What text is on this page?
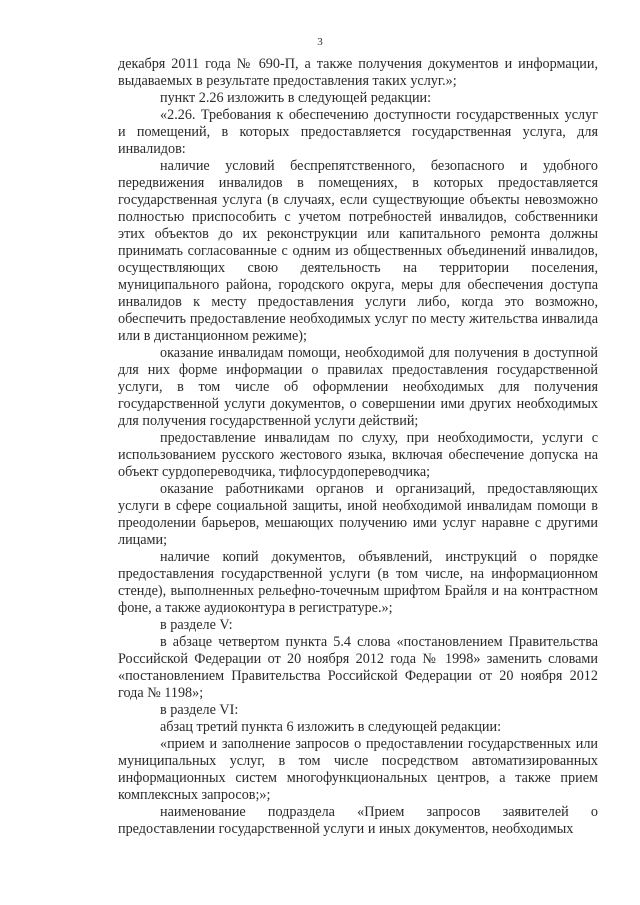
3

декабря 2011 года № 690-П, а также получения документов и информации, выдаваемых в результате предоставления таких услуг.»;

пункт 2.26 изложить в следующей редакции:

«2.26. Требования к обеспечению доступности государственных услуг и помещений, в которых предоставляется государственная услуга, для инвалидов:

наличие условий беспрепятственного, безопасного и удобного передвижения инвалидов в помещениях, в которых предоставляется государственная услуга (в случаях, если существующие объекты невозможно полностью приспособить с учетом потребностей инвалидов, собственники этих объектов до их реконструкции или капитального ремонта должны принимать согласованные с одним из общественных объединений инвалидов, осуществляющих свою деятельность на территории поселения, муниципального района, городского округа, меры для обеспечения доступа инвалидов к месту предоставления услуги либо, когда это возможно, обеспечить предоставление необходимых услуг по месту жительства инвалида или в дистанционном режиме);

оказание инвалидам помощи, необходимой для получения в доступной для них форме информации о правилах предоставления государственной услуги, в том числе об оформлении необходимых для получения государственной услуги документов, о совершении ими других необходимых для получения государственной услуги действий;

предоставление инвалидам по слуху, при необходимости, услуги с использованием русского жестового языка, включая обеспечение допуска на объект сурдопереводчика, тифлосурдопереводчика;

оказание работниками органов и организаций, предоставляющих услуги в сфере социальной защиты, иной необходимой инвалидам помощи в преодолении барьеров, мешающих получению ими услуг наравне с другими лицами;

наличие копий документов, объявлений, инструкций о порядке предоставления государственной услуги (в том числе, на информационном стенде), выполненных рельефно-точечным шрифтом Брайля и на контрастном фоне, а также аудиоконтура в регистратуре.»;

в разделе V:

в абзаце четвертом пункта 5.4 слова «постановлением Правительства Российской Федерации от 20 ноября 2012 года № 1998» заменить словами «постановлением Правительства Российской Федерации от 20 ноября 2012 года № 1198»;

в разделе VI:

абзац третий пункта 6 изложить в следующей редакции:

«прием и заполнение запросов о предоставлении государственных или муниципальных услуг, в том числе посредством автоматизированных информационных систем многофункциональных центров, а также прием комплексных запросов;»;

наименование подраздела «Прием запросов заявителей о предоставлении государственной услуги и иных документов, необходимых
